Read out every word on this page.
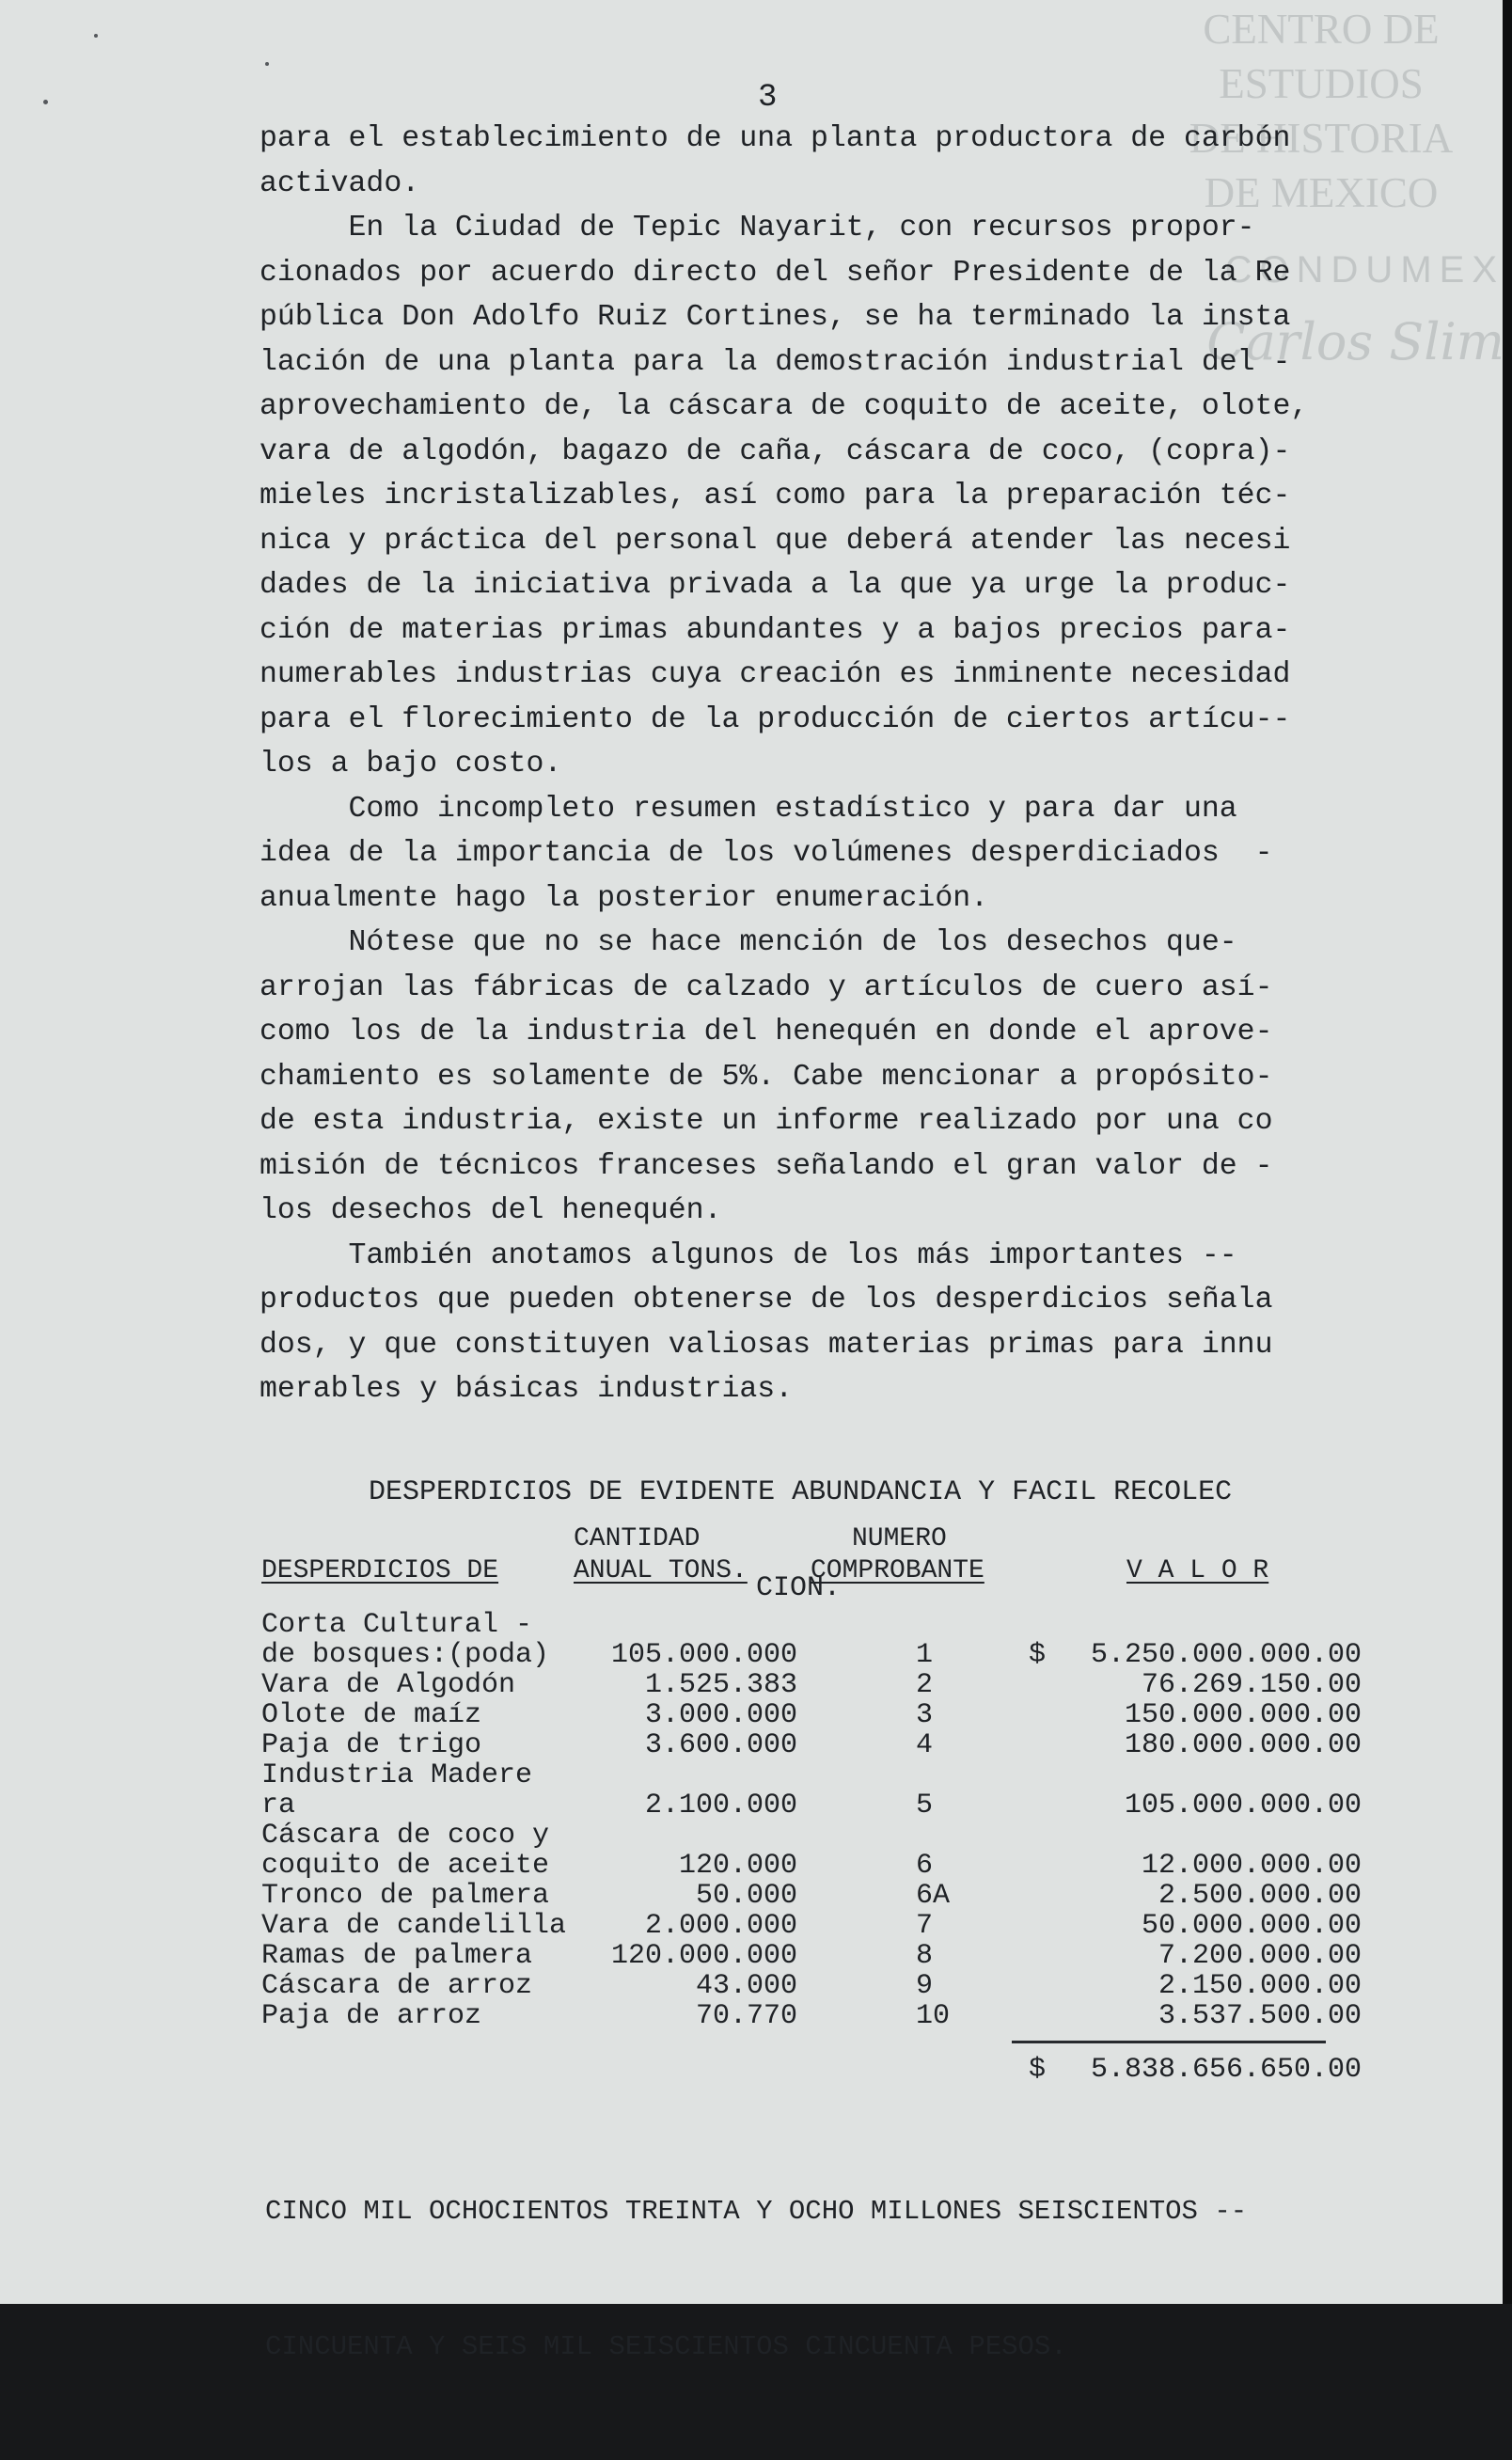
CENTRO DE
ESTUDIOS
DE HISTORIA
DE MEXICO
CONDUMEX
Carlos Slim
3
para el establecimiento de una planta productora de carbón
activado.
En la Ciudad de Tepic Nayarit, con recursos propor-
cionados por acuerdo directo del señor Presidente de la Re
pública Don Adolfo Ruiz Cortines, se ha terminado la insta
lación de una planta para la demostración industrial del -
aprovechamiento de, la cáscara de coquito de aceite, olote,
vara de algodón, bagazo de caña, cáscara de coco, (copra)-
mieles incristalizables, así como para la preparación téc-
nica y práctica del personal que deberá atender las necesi
dades de la iniciativa privada a la que ya urge la produc-
ción de materias primas abundantes y a bajos precios para-
numerables industrias cuya creación es inminente necesidad
para el florecimiento de la producción de ciertos artícu--
los a bajo costo.
Como incompleto resumen estadístico y para dar una
idea de la importancia de los volúmenes desperdiciados  -
anualmente hago la posterior enumeración.
Nótese que no se hace mención de los desechos que-
arrojan las fábricas de calzado y artículos de cuero así-
como los de la industria del henequén en donde el aprove-
chamiento es solamente de 5%. Cabe mencionar a propósito-
de esta industria, existe un informe realizado por una co
misión de técnicos franceses señalando el gran valor de -
los desechos del henequén.
También anotamos algunos de los más importantes --
productos que pueden obtenerse de los desperdicios señala
dos, y que constituyen valiosas materias primas para innu
merables y básicas industrias.

DESPERDICIOS DE EVIDENTE ABUNDANCIA Y FACIL RECOLEC

CION.

CANTIDAD	NUMERO
DESPERDICIOS DE	ANUAL TONS. COMPROBANTE	V A L O R
Corta Cultural -
de bosques:(poda) 105.000.000	1	$ 5.250.000.000.00
Vara de Algodón	1.525.383	2	76.269.150.00
Olote de maíz	3.000.000	3	150.000.000.00
Paja de trigo	3.600.000	4	180.000.000.00
Industria Madere
ra	2.100.000	5	105.000.000.00
Cáscara de coco y
coquito de aceite	120.000	6	12.000.000.00
Tronco de palmera	50.000	6A	2.500.000.00
Vara de candelilla	2.000.000	7	50.000.000.00
Ramas de palmera	120.000.000	8	7.200.000.00
Cáscara de arroz	43.000	9	2.150.000.00
Paja de arroz	70.770	10	3.537.500.00
$ 5.838.656.650.00

CINCO MIL OCHOCIENTOS TREINTA Y OCHO MILLONES SEISCIENTOS --

CINCUENTA Y SEIS MIL SEISCIENTOS CINCUENTA PESOS.
